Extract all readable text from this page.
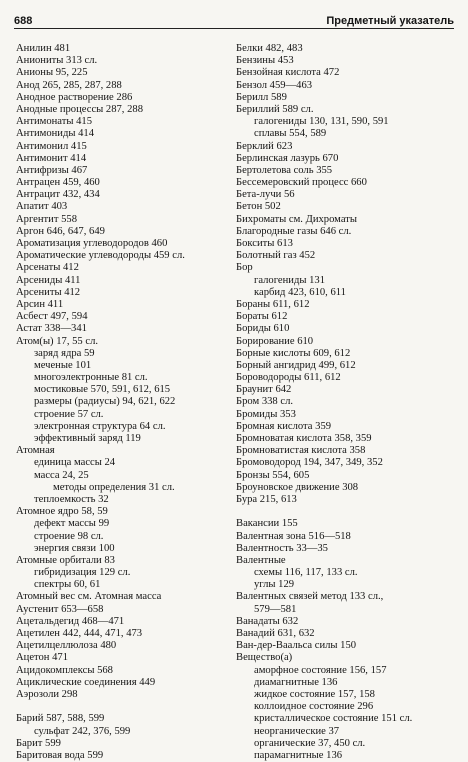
688	Предметный указатель
Анилин 481
Аниониты 313 сл.
Анионы 95, 225
Анод 265, 285, 287, 288
Анодное растворение 286
Анодные процессы 287, 288
Антимонаты 415
Антимониды 414
Антимонил 415
Антимонит 414
Антифризы 467
Антрацен 459, 460
Антрацит 432, 434
Апатит 403
Аргентит 558
Аргон 646, 647, 649
Ароматизация углеводородов 460
Ароматические углеводороды 459 сл.
Арсенаты 412
Арсениды 411
Арсениты 412
Арсин 411
Асбест 497, 594
Астат 338—341
Атом(ы) 17, 55 сл.
заряд ядра 59
меченые 101
многоэлектронные 81 сл.
мостиковые 570, 591, 612, 615
размеры (радиусы) 94, 621, 622
строение 57 сл.
электронная структура 64 сл.
эффективный заряд 119
Атомная
единица массы 24
масса 24, 25
методы определения 31 сл.
теплоемкость 32
Атомное ядро 58, 59
дефект массы 99
строение 98 сл.
энергия связи 100
Атомные орбитали 83
гибридизация 129 сл.
спектры 60, 61
Атомный вес см. Атомная масса
Аустенит 653—658
Ацетальдегид 468—471
Ацетилен 442, 444, 471, 473
Ацетилцеллюлоза 480
Ацетон 471
Ацидокомплексы 568
Ациклические соединения 449
Аэрозоли 298
Барий 587, 588, 599
сульфат 242, 376, 599
Барит 599
Баритовая вода 599
Белки 482, 483
Бензины 453
Бензойная кислота 472
Бензол 459—463
Берилл 589
Бериллий 589 сл.
галогениды 130, 131, 590, 591
сплавы 554, 589
Берклий 623
Берлинская лазурь 670
Бертолетова соль 355
Бессемеровский процесс 660
Бета-лучи 56
Бетон 502
Бихроматы см. Дихроматы
Благородные газы 646 сл.
Бокситы 613
Болотный газ 452
Бор
галогениды 131
карбид 423, 610, 611
Бораны 611, 612
Бораты 612
Бориды 610
Борирование 610
Борные кислоты 609, 612
Борный ангидрид 499, 612
Бороводороды 611, 612
Браунит 642
Бром 338 сл.
Бромиды 353
Бромная кислота 359
Бромноватая кислота 358, 359
Бромноватистая кислота 358
Бромоводород 194, 347, 349, 352
Бронзы 554, 605
Броуновское движение 308
Бура 215, 613
Вакансии 155
Валентная зона 516—518
Валентность 33—35
Валентные
схемы 116, 117, 133 сл.
углы 129
Валентных связей метод 133 сл.,
579—581
Ванадаты 632
Ванадий 631, 632
Ван-дер-Ваальса силы 150
Вещество(а)
аморфное состояние 156, 157
диамагнитные 136
жидкое состояние 157, 158
коллоидное состояние 296
кристаллическое состояние 151 сл.
неорганические 37
органические 37, 450 сл.
парамагнитные 136
